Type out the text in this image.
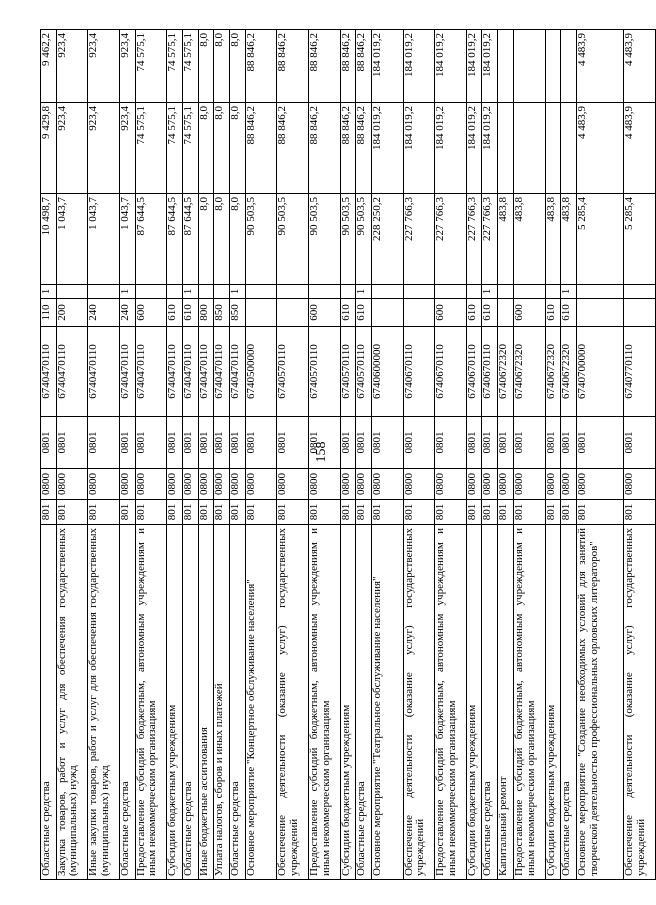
158
Областные средства	801	0800	0801	6740470110	110	1	10 498,7	9 429,8	9 462,2
Закупка товаров, работ и услуг для обеспечения государственных (муниципальных) нужд	801	0800	0801	6740470110	200		1 043,7	923,4	923,4
Иные закупки товаров, работ и услуг для обеспечения государственных (муниципальных) нужд	801	0800	0801	6740470110	240		1 043,7	923,4	923,4
Областные средства	801	0800	0801	6740470110	240	1	1 043,7	923,4	923,4
Предоставление субсидий бюджетным, автономным учреждениям и иным некоммерческим организациям	801	0800	0801	6740470110	600		87 644,5	74 575,1	74 575,1
Субсидии бюджетным учреждениям	801	0800	0801	6740470110	610		87 644,5	74 575,1	74 575,1
Областные средства	801	0800	0801	6740470110	610	1	87 644,5	74 575,1	74 575,1
Иные бюджетные ассигнования	801	0800	0801	6740470110	800		8,0	8,0	8,0
Уплата налогов, сборов и иных платежей	801	0800	0801	6740470110	850		8,0	8,0	8,0
Областные средства	801	0800	0801	6740470110	850	1	8,0	8,0	8,0
Основное мероприятие "Концертное обслуживание населения"	801	0800	0801	6740500000			90 503,5	88 846,2	88 846,2
Обеспечение деятельности (оказание услуг) государственных учреждений	801	0800	0801	6740570110			90 503,5	88 846,2	88 846,2
Предоставление субсидий бюджетным, автономным учреждениям и иным некоммерческим организациям	801	0800	0801	6740570110	600		90 503,5	88 846,2	88 846,2
Субсидии бюджетным учреждениям	801	0800	0801	6740570110	610		90 503,5	88 846,2	88 846,2
Областные средства	801	0800	0801	6740570110	610	1	90 503,5	88 846,2	88 846,2
Основное мероприятие "Театральное обслуживание населения"	801	0800	0801	6740600000			228 250,2	184 019,2	184 019,2
Обеспечение деятельности (оказание услуг) государственных учреждений	801	0800	0801	6740670110			227 766,3	184 019,2	184 019,2
Предоставление субсидий бюджетным, автономным учреждениям и иным некоммерческим организациям	801	0800	0801	6740670110	600		227 766,3	184 019,2	184 019,2
Субсидии бюджетным учреждениям	801	0800	0801	6740670110	610		227 766,3	184 019,2	184 019,2
Областные средства	801	0800	0801	6740670110	610	1	227 766,3	184 019,2	184 019,2
Капитальный ремонт	801	0800	0801	6740672320			483,8		
Предоставление субсидий бюджетным, автономным учреждениям и иным некоммерческим организациям	801	0800	0801	6740672320	600		483,8		
Субсидии бюджетным учреждениям	801	0800	0801	6740672320	610		483,8		
Областные средства	801	0800	0801	6740672320	610	1	483,8		
Основное мероприятие "Создание необходимых условий для занятий творческой деятельностью профессиональных орловских литераторов"	801	0800	0801	6740700000			5 285,4	4 483,9	4 483,9
Обеспечение деятельности (оказание услуг) государственных учреждений	801	0800	0801	6740770110			5 285,4	4 483,9	4 483,9
